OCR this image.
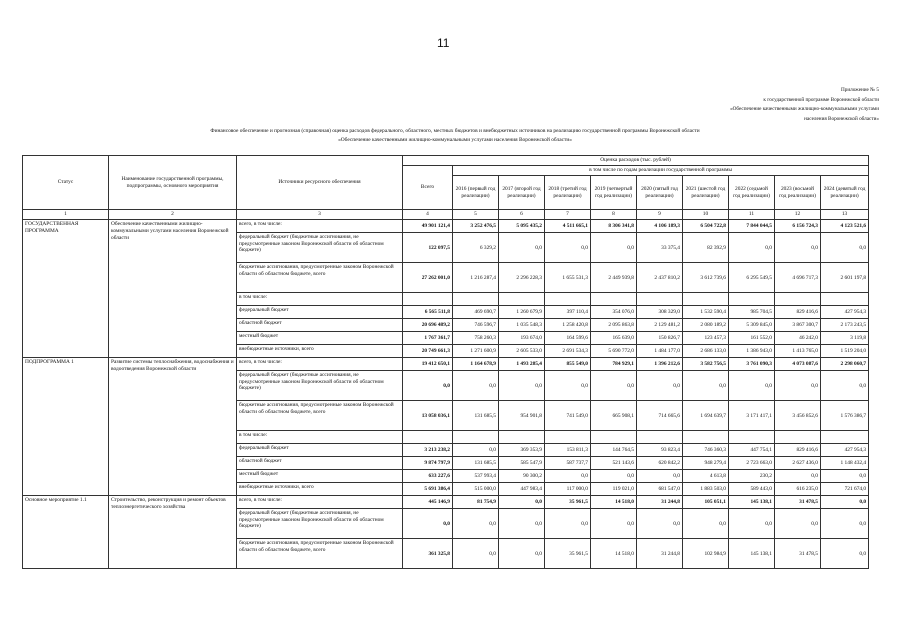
11
Приложение № 5
к государственной программе Воронежской области
«Обеспечение качественными жилищно-коммунальными услугами
населения Воронежской области»
Финансовое обеспечение и прогнозная (справочная) оценка расходов федерального, областного, местных бюджетов и внебюджетных источников на реализацию государственной программы Воронежской области
«Обеспечение качественными жилищно-коммунальными услугами населения Воронежской области»
Статус	Наименование государственной программы, подпрограммы, основного мероприятия	Источники ресурсного обеспечения	Оценка расходов (тыс. рублей)									
			Всего	в том числе по годам реализации государственной программы								
				2016 (первый год реализации)	2017 (второй год реализации)	2018 (третий год реализации)	2019 (четвертый год реализации)	2020 (пятый год реализации)	2021 (шестой год реализации)	2022 (седьмой год реализации)	2023 (восьмой год реализации)	2024 (девятый год реализации)
1	2	3	4	5	6	7	8	9	10	11	12	13
ГОСУДАРСТВЕННАЯ ПРОГРАММА	Обеспечение качественными жилищно-коммунальными услугами населения Воронежской области	всего, в том числе:	49 901 121,4	3 252 476,5	5 095 435,2	4 511 665,1	8 306 341,8	4 106 189,3	6 504 722,8	7 844 044,5	6 156 724,3	4 123 521,6
		федеральный бюджет (бюджетные ассигнования, не предусмотренные законом Воронежской области об областном бюджете)	122 097,5	6 329,2	0,0	0,0	0,0	33 375,4	82 392,9	0,0	0,0	0,0
		бюджетные ассигнования, предусмотренные законом Воронежской области об областном бюджете, всего	27 262 001,0	1 216 287,4	2 296 228,3	1 655 531,3	2 449 939,8	2 437 810,2	3 612 739,6	6 295 549,5	4 696 717,3	2 601 197,8
		в том числе:										
		федеральный бюджет	6 565 511,8	469 690,7	1 260 679,9	397 110,4	354 076,0	308 329,0	1 532 590,4	985 704,5	829 416,6	427 954,3
		областной бюджет	20 696 489,2	746 596,7	1 035 548,3	1 258 420,8	2 095 863,8	2 129 481,2	2 080 189,2	5 309 845,0	3 867 300,7	2 173 243,5
		местный бюджет	1 767 361,7	758 260,3	193 674,0	164 599,6	165 639,0	150 826,7	123 457,3	161 552,0	46 242,0	3 119,8
		внебюджетные источники, всего	20 749 661,3	1 271 600,9	2 605 533,0	2 691 534,3	5 690 772,0	1 484 177,0	2 686 133,0	1 386 943,0	1 413 765,0	1 519 204,0
ПОДПРОГРАММА 1	Развитие системы теплоснабжения, водоснабжения и водоотведения Воронежской области	всего, в том числе:	19 412 650,1	1 164 678,9	1 493 285,4	855 549,0	784 929,1	1 396 212,6	3 582 756,5	3 761 090,3	4 073 087,6	2 298 060,7
		федеральный бюджет (бюджетные ассигнования, не предусмотренные законом Воронежской области об областном бюджете)	0,0	0,0	0,0	0,0	0,0	0,0	0,0	0,0	0,0	0,0
		бюджетные ассигнования, предусмотренные законом Воронежской области об областном бюджете, всего	13 058 036,1	131 685,5	954 901,8	741 549,0	665 908,1	714 665,6	1 694 639,7	3 171 417,1	3 456 852,6	1 576 386,7
		в том числе:										
		федеральный бюджет	3 213 238,2	0,0	369 353,9	153 811,3	144 764,5	93 823,4	746 360,3	447 754,1	829 416,6	427 954,3
		областной бюджет	9 874 797,9	131 685,5	585 547,9	587 737,7	521 143,6	620 842,2	948 279,4	2 723 663,0	2 627 436,0	1 148 432,4
		местный бюджет	633 227,6	537 993,4	90 300,2	0,0	0,0	0,0	4 613,8	230,2	0,0	0,0
		внебюджетные источники, всего	5 691 386,4	515 000,0	447 983,4	117 000,0	119 021,0	681 547,0	1 883 503,0	589 443,0	616 235,0	721 674,0
Основное мероприятие 1.1	Строительство, реконструкция и ремонт объектов теплоэнергетического хозяйства	всего, в том числе:	445 146,9	81 754,9	0,0	35 961,5	14 518,0	31 244,8	105 051,1	145 138,1	31 478,5	0,0
		федеральный бюджет (бюджетные ассигнования, не предусмотренные законом Воронежской области об областном бюджете)	0,0	0,0	0,0	0,0	0,0	0,0	0,0	0,0	0,0	0,0
		бюджетные ассигнования, предусмотренные законом Воронежской области об областном бюджете, всего	361 325,8	0,0	0,0	35 961,5	14 518,0	31 244,8	102 984,9	145 138,1	31 478,5	0,0
